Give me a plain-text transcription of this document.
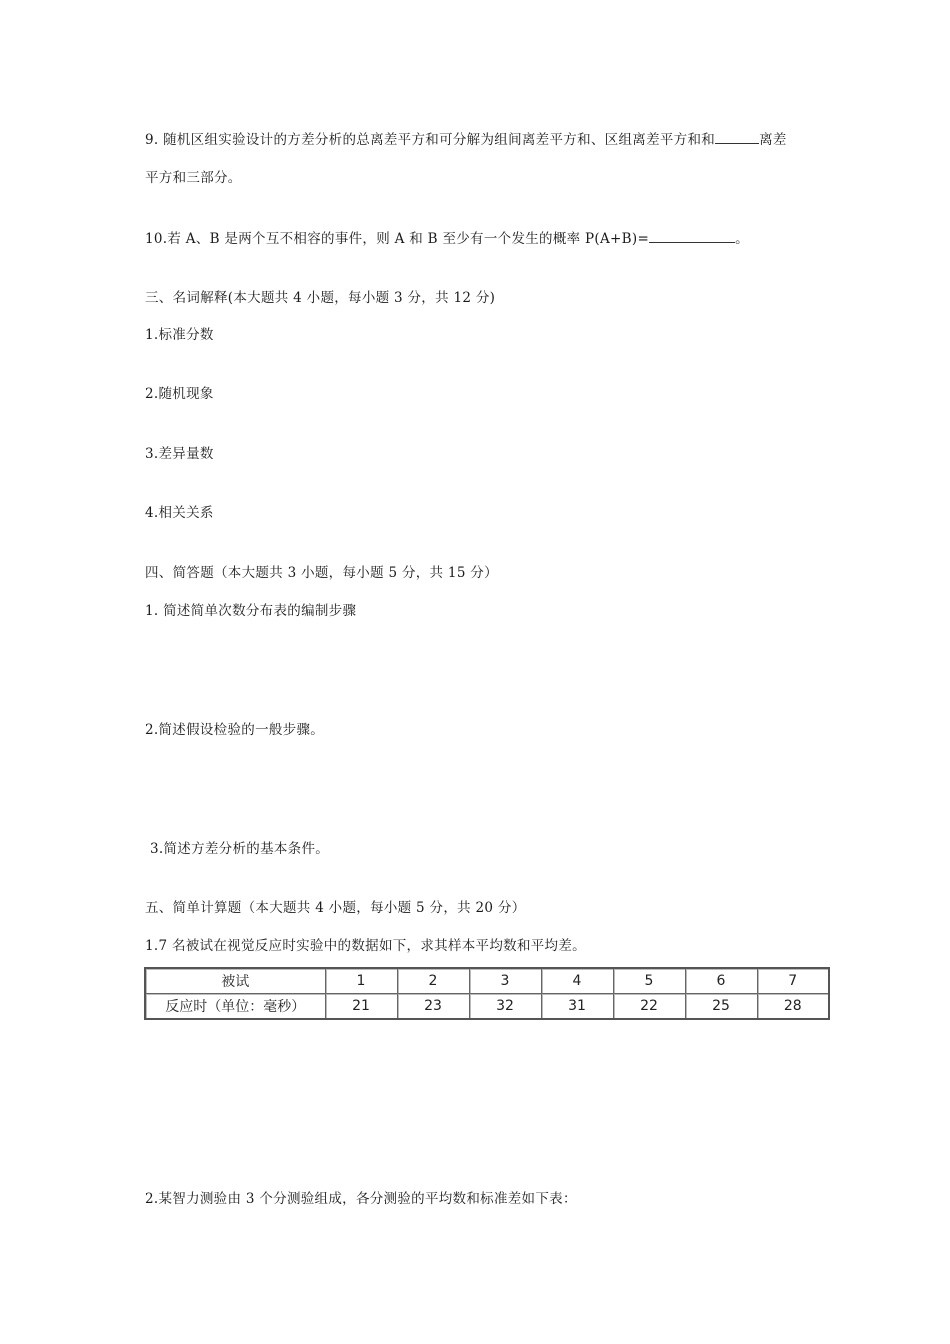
9. 随机区组实验设计的方差分析的总离差平方和可分解为组间离差平方和、区组离差平方和和	离差
平方和三部分。
10.若 A、B 是两个互不相容的事件，则 A 和 B 至少有一个发生的概率 P(A+B)=	。
三、名词解释(本大题共 4 小题，每小题 3 分，共 12 分)
1.标准分数
2.随机现象
3.差异量数
4.相关关系
四、简答题（本大题共 3 小题，每小题 5 分，共 15 分）
1. 简述简单次数分布表的编制步骤
2.简述假设检验的一般步骤。
3.简述方差分析的基本条件。
五、简单计算题（本大题共 4 小题，每小题 5 分，共 20 分）
1.7 名被试在视觉反应时实验中的数据如下，求其样本平均数和平均差。
被试	1	2	3	4	5	6	7
反应时（单位：毫秒）	21	23	32	31	22	25	28
2.某智力测验由 3 个分测验组成，各分测验的平均数和标准差如下表：
